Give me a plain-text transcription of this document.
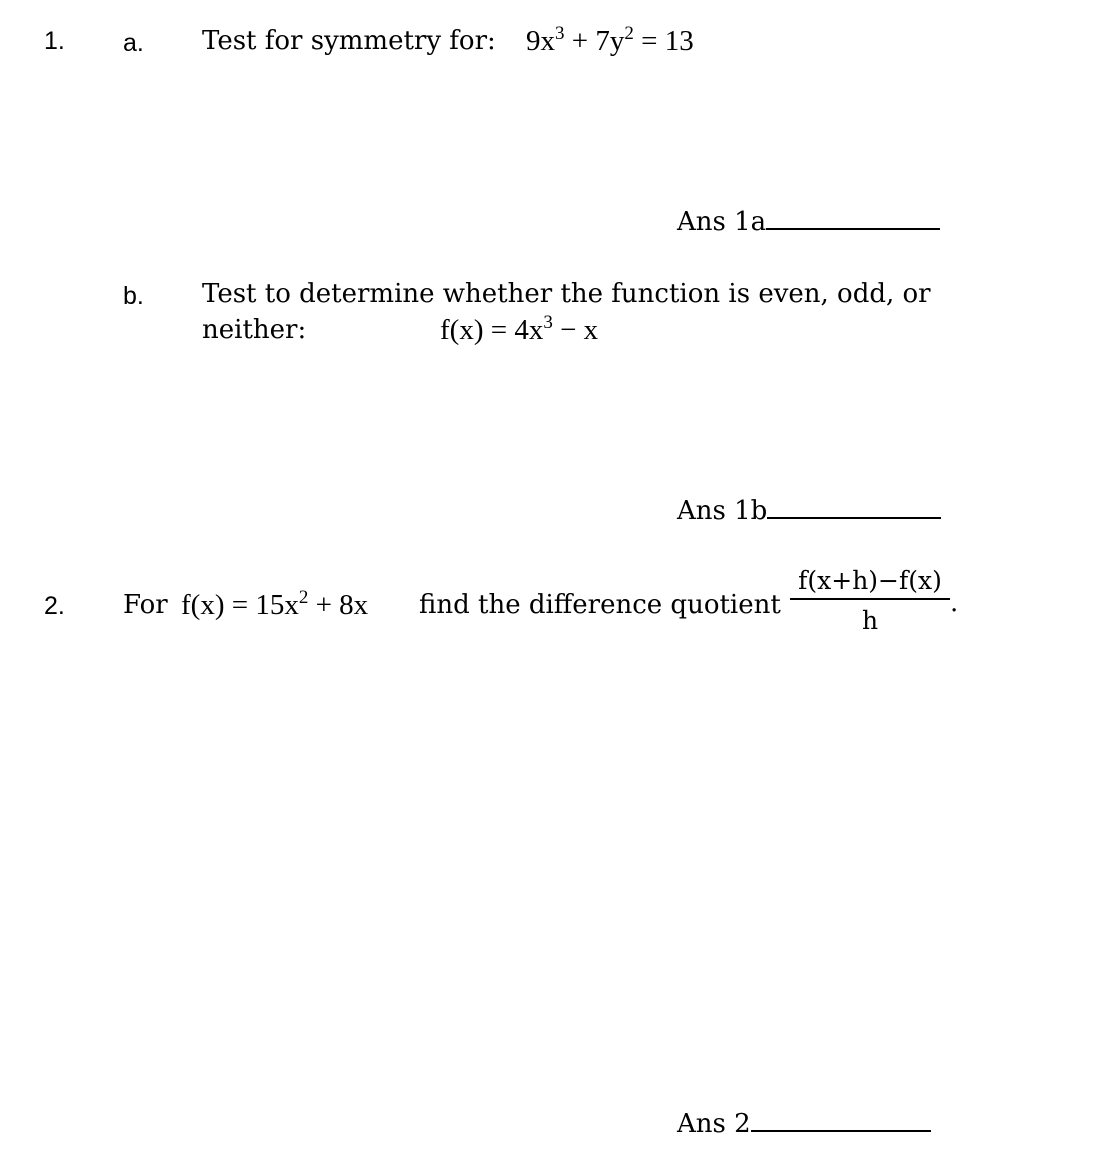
1. a. Test for symmetry for: $9x^3 + 7y^2 = 13$
Ans 1a
b. Test to determine whether the function is even, odd, or
neither:	$f(x) = 4x^3 - x$
Ans 1b
2. For $f(x) = 15x^2 + 8x$ find the difference quotient
f(x+h)−f(x)
h
.
Ans 2
